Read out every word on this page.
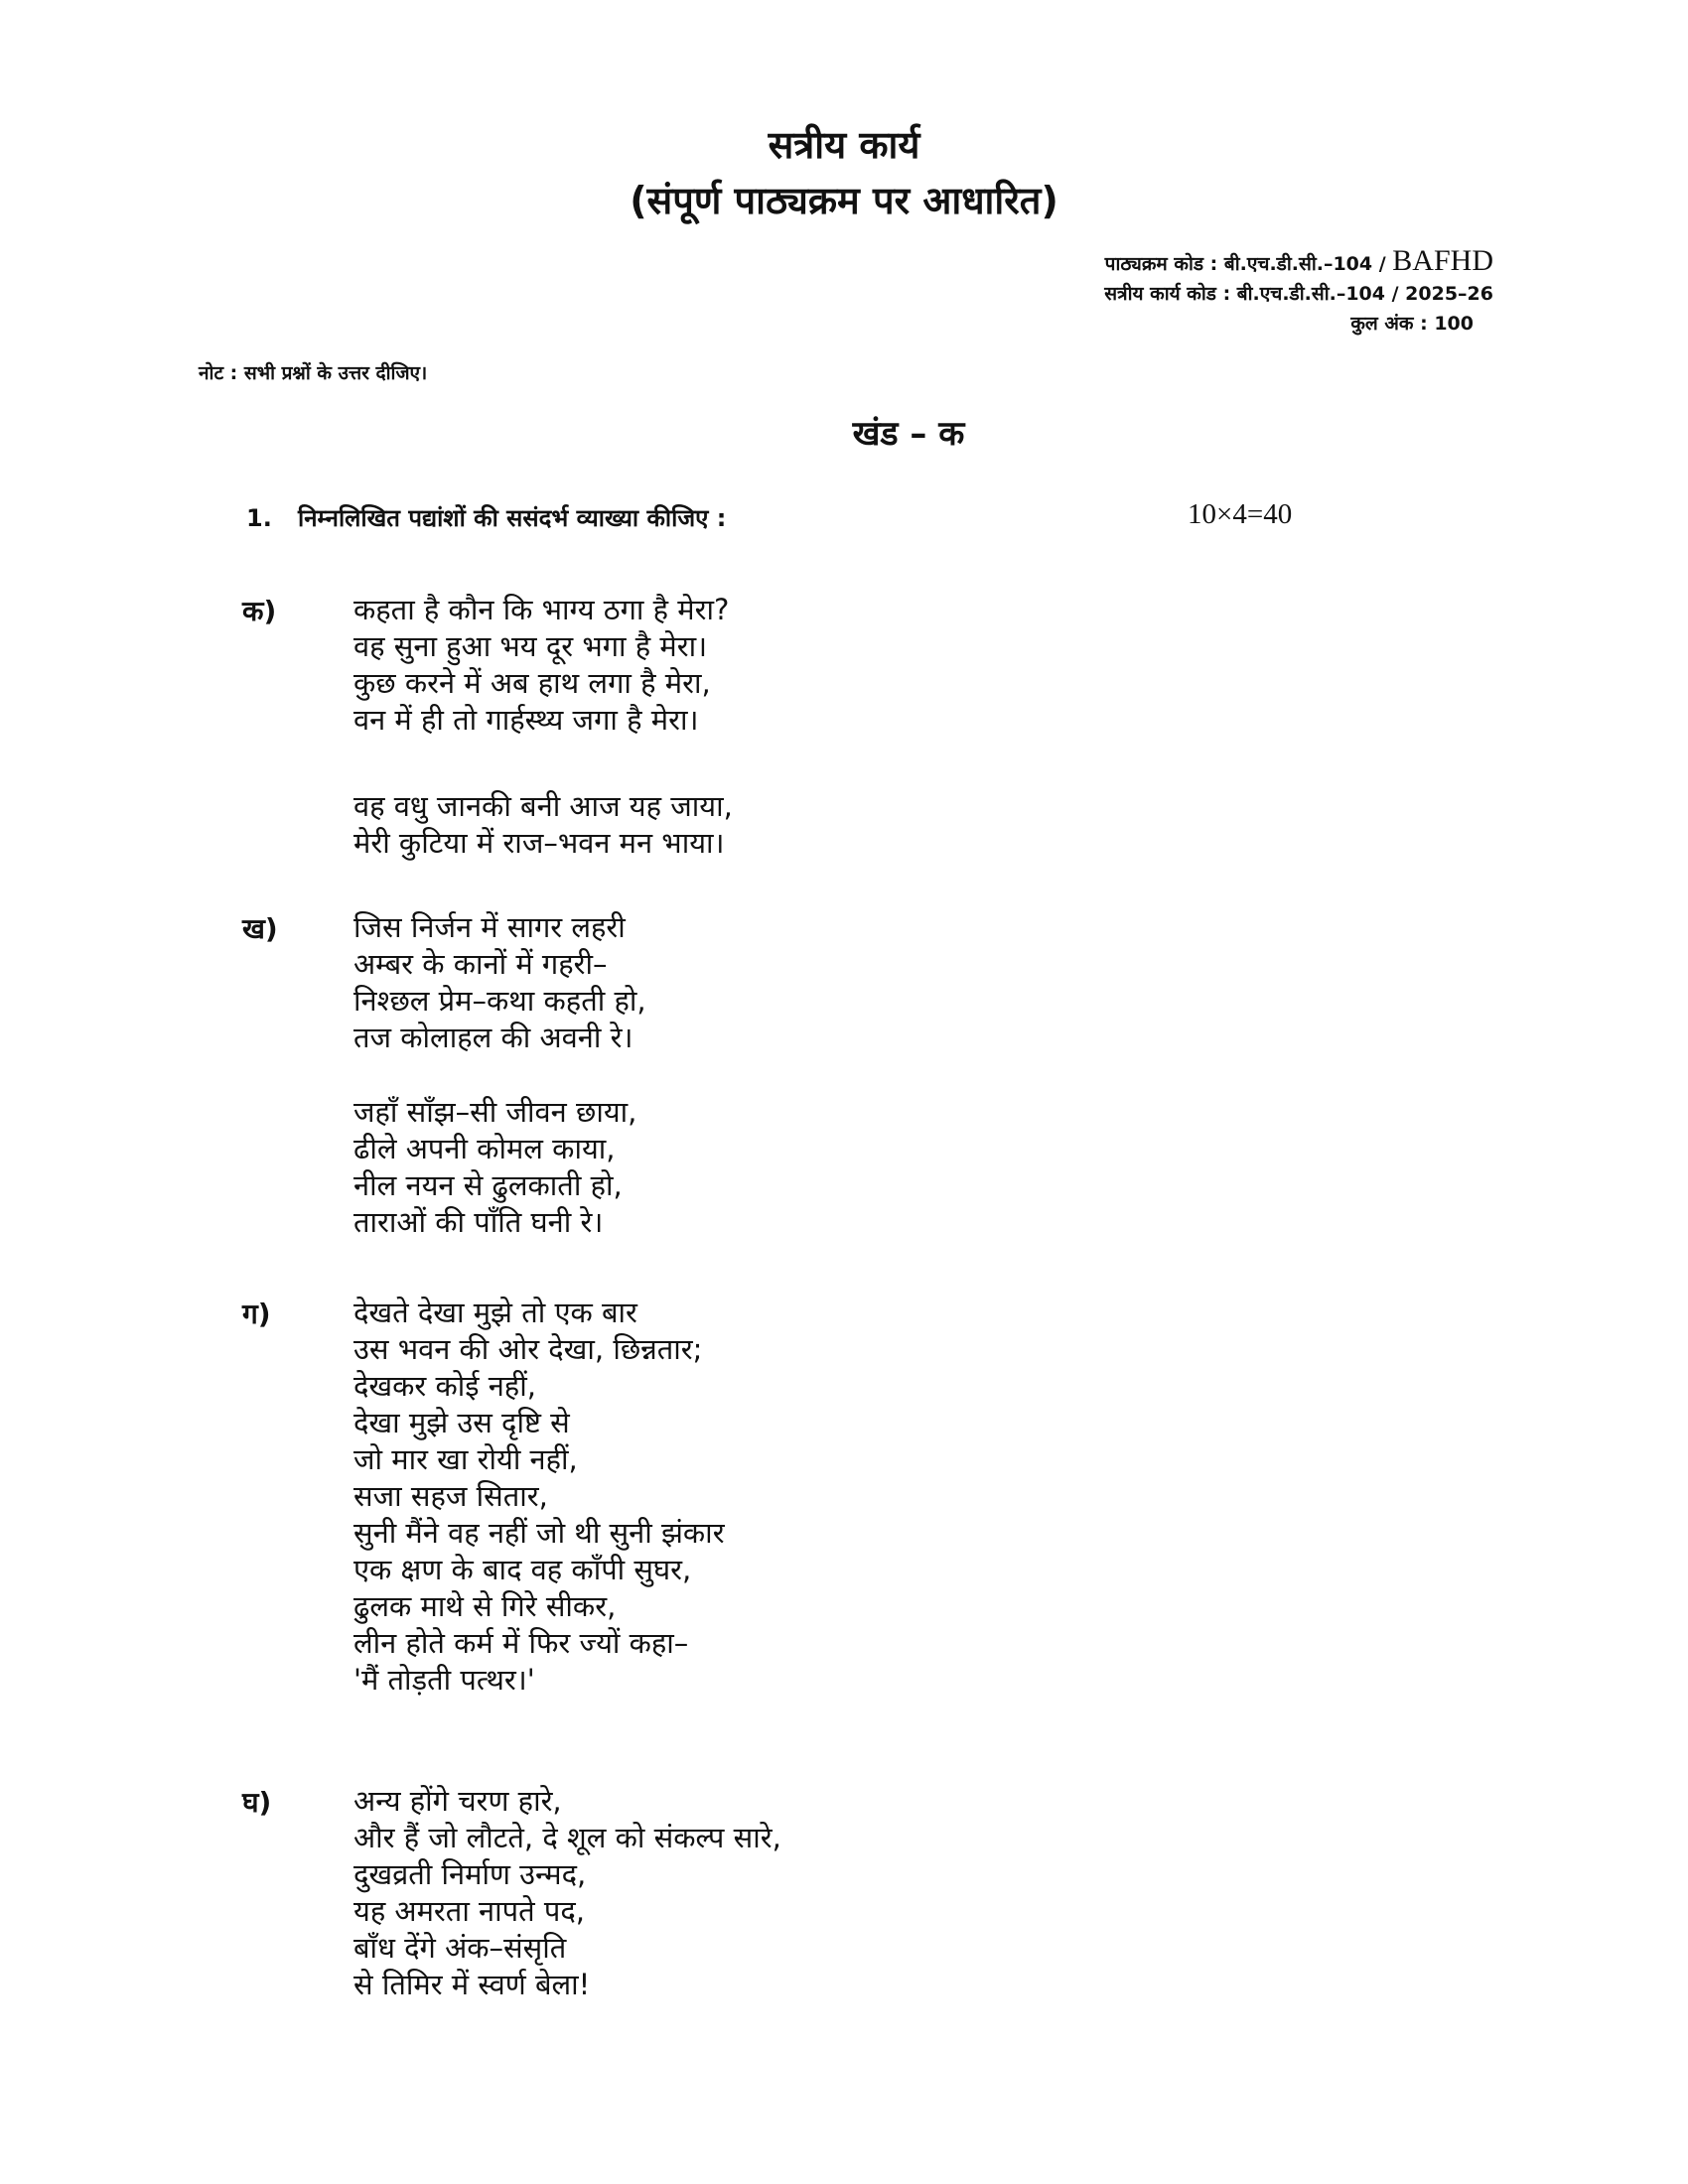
सत्रीय कार्य
(संपूर्ण पाठ्यक्रम पर आधारित)
पाठ्यक्रम कोड : बी.एच.डी.सी.–104 / BAFHD
सत्रीय कार्य कोड : बी.एच.डी.सी.–104 / 2025–26
कुल अंक : 100
नोट : सभी प्रश्नों के उत्तर दीजिए।
खंड – क
1. निम्नलिखित पद्यांशों की ससंदर्भ व्याख्या कीजिए :	10×4=40
क)	कहता है कौन कि भाग्य ठगा है मेरा?
वह सुना हुआ भय दूर भगा है मेरा।
कुछ करने में अब हाथ लगा है मेरा,
वन में ही तो गार्हस्थ्य जगा है मेरा।
वह वधु जानकी बनी आज यह जाया,
मेरी कुटिया में राज–भवन मन भाया।
ख)	जिस निर्जन में सागर लहरी
अम्बर के कानों में गहरी–
निश्छल प्रेम–कथा कहती हो,
तज कोलाहल की अवनी रे।
जहाँ साँझ–सी जीवन छाया,
ढीले अपनी कोमल काया,
नील नयन से ढुलकाती हो,
ताराओं की पाँति घनी रे।
ग)	देखते देखा मुझे तो एक बार
उस भवन की ओर देखा, छिन्नतार;
देखकर कोई नहीं,
देखा मुझे उस दृष्टि से
जो मार खा रोयी नहीं,
सजा सहज सितार,
सुनी मैंने वह नहीं जो थी सुनी झंकार
एक क्षण के बाद वह काँपी सुघर,
ढुलक माथे से गिरे सीकर,
लीन होते कर्म में फिर ज्यों कहा–
'मैं तोड़ती पत्थर।'
घ)	अन्य होंगे चरण हारे,
और हैं जो लौटते, दे शूल को संकल्प सारे,
दुखव्रती निर्माण उन्मद,
यह अमरता नापते पद,
बाँध देंगे अंक–संसृति
से तिमिर में स्वर्ण बेला!
